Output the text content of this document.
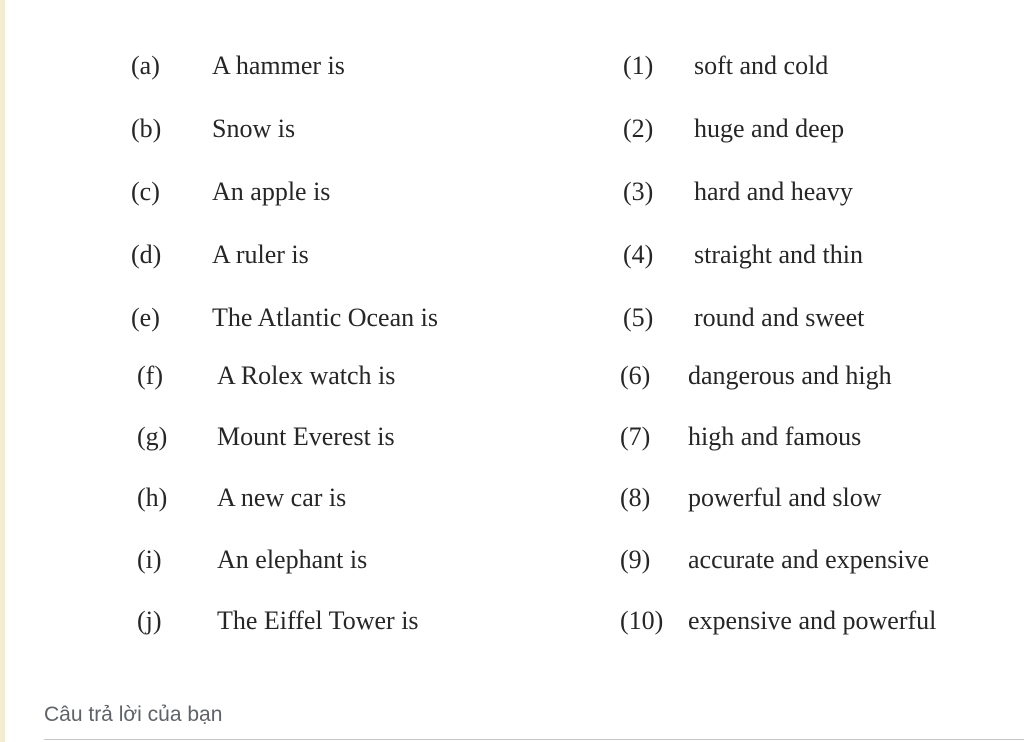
(a) A hammer is	(1) soft and cold
(b) Snow is	(2) huge and deep
(c) An apple is	(3) hard and heavy
(d) A ruler is	(4) straight and thin
(e) The Atlantic Ocean is	(5) round and sweet
(f) A Rolex watch is	(6) dangerous and high
(g) Mount Everest is	(7) high and famous
(h) A new car is	(8) powerful and slow
(i) An elephant is	(9) accurate and expensive
(j) The Eiffel Tower is	(10) expensive and powerful
Câu trả lời của bạn
